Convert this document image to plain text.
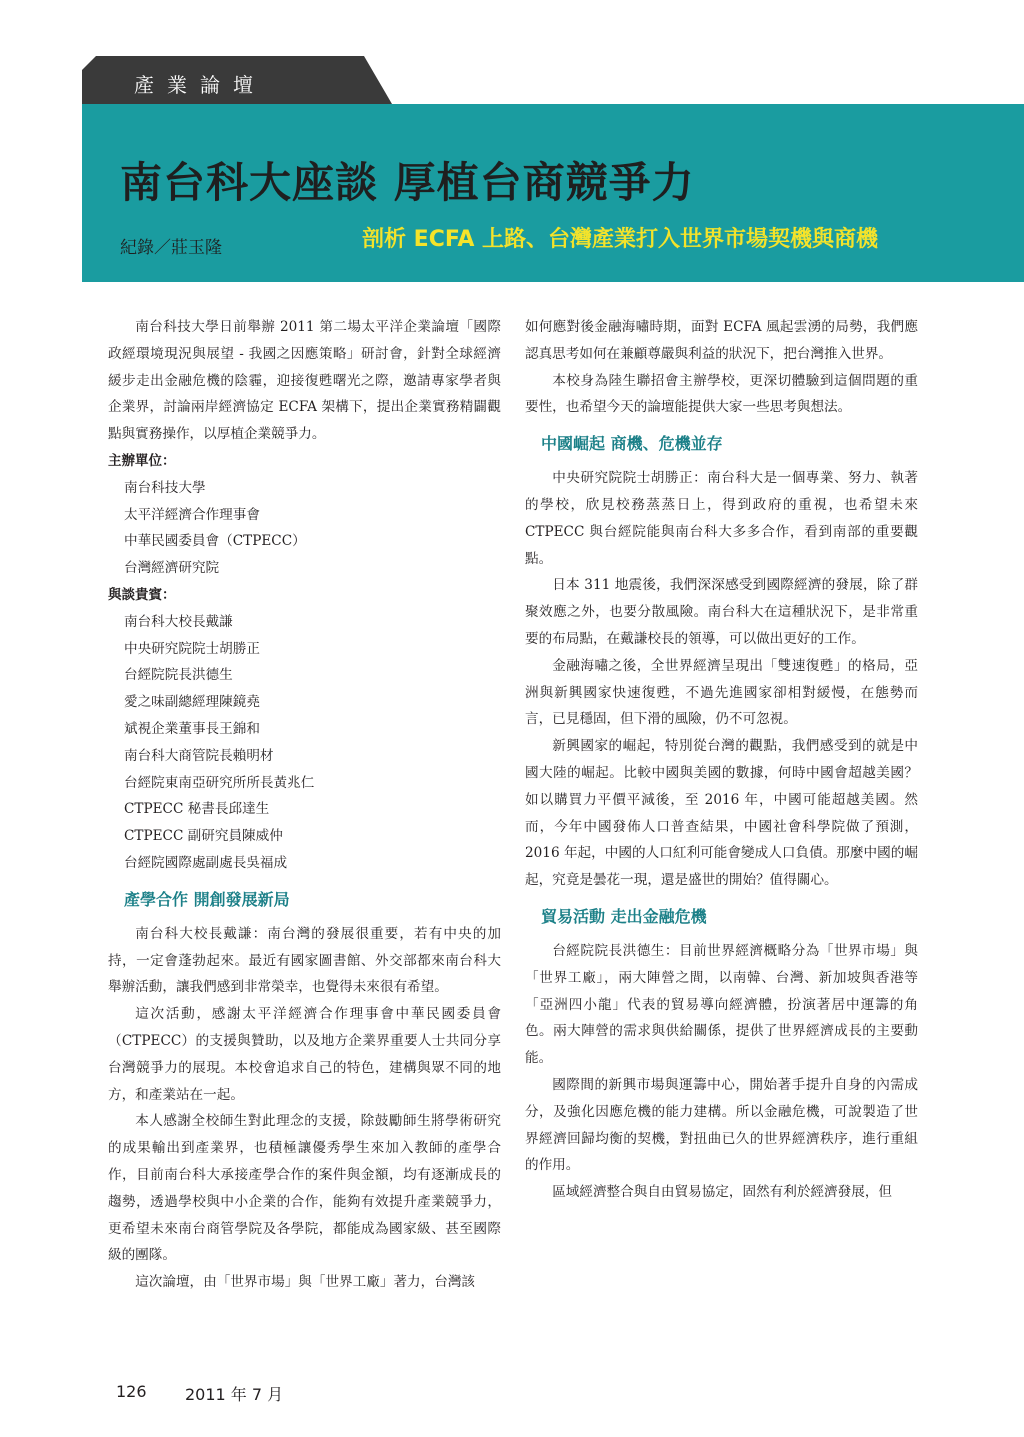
產業論壇
南台科大座談 厚植台商競爭力
紀錄／莊玉隆	剖析 ECFA 上路、台灣產業打入世界市場契機與商機

南台科技大學日前舉辦 2011 第二場太平洋企業論壇「國際政經環境現況與展望 - 我國之因應策略」研討會，針對全球經濟緩步走出金融危機的陰霾，迎接復甦曙光之際，邀請專家學者與企業界，討論兩岸經濟協定 ECFA 架構下，提出企業實務精闢觀點與實務操作，以厚植企業競爭力。

主辦單位：
南台科技大學
太平洋經濟合作理事會
中華民國委員會（CTPECC）
台灣經濟研究院
與談貴賓：
南台科大校長戴謙
中央研究院院士胡勝正
台經院院長洪德生
愛之味副總經理陳鏡堯
斌視企業董事長王錦和
南台科大商管院長賴明材
台經院東南亞研究所所長黃兆仁
CTPECC 秘書長邱達生
CTPECC 副研究員陳威仲
台經院國際處副處長吳福成
產學合作 開創發展新局

南台科大校長戴謙：南台灣的發展很重要，若有中央的加持，一定會蓬勃起來。最近有國家圖書館、外交部都來南台科大舉辦活動，讓我們感到非常榮幸，也覺得未來很有希望。

這次活動，感謝太平洋經濟合作理事會中華民國委員會（CTPECC）的支援與贊助，以及地方企業界重要人士共同分享台灣競爭力的展現。本校會追求自己的特色，建構與眾不同的地方，和產業站在一起。

本人感謝全校師生對此理念的支援，除鼓勵師生將學術研究的成果輸出到產業界，也積極讓優秀學生來加入教師的產學合作，目前南台科大承接產學合作的案件與金額，均有逐漸成長的趨勢，透過學校與中小企業的合作，能夠有效提升產業競爭力，更希望未來南台商管學院及各學院，都能成為國家級、甚至國際級的團隊。

這次論壇，由「世界市場」與「世界工廠」著力，台灣該

如何應對後金融海嘯時期，面對 ECFA 風起雲湧的局勢，我們應認真思考如何在兼顧尊嚴與利益的狀況下，把台灣推入世界。

本校身為陸生聯招會主辦學校，更深切體驗到這個問題的重要性，也希望今天的論壇能提供大家一些思考與想法。

中國崛起 商機、危機並存

中央研究院院士胡勝正：南台科大是一個專業、努力、執著的學校，欣見校務蒸蒸日上，得到政府的重視，也希望未來 CTPECC 與台經院能與南台科大多多合作，看到南部的重要觀點。

日本 311 地震後，我們深深感受到國際經濟的發展，除了群聚效應之外，也要分散風險。南台科大在這種狀況下，是非常重要的布局點，在戴謙校長的領導，可以做出更好的工作。

金融海嘯之後，全世界經濟呈現出「雙速復甦」的格局，亞洲與新興國家快速復甦，不過先進國家卻相對緩慢，在態勢而言，已見穩固，但下滑的風險，仍不可忽視。

新興國家的崛起，特別從台灣的觀點，我們感受到的就是中國大陸的崛起。比較中國與美國的數據，何時中國會超越美國？如以購買力平價平減後，至 2016 年，中國可能超越美國。然而，今年中國發佈人口普查結果，中國社會科學院做了預測，2016 年起，中國的人口紅利可能會變成人口負債。那麼中國的崛起，究竟是曇花一現，還是盛世的開始？值得關心。

貿易活動 走出金融危機

台經院院長洪德生：目前世界經濟概略分為「世界市場」與「世界工廠」，兩大陣營之間，以南韓、台灣、新加坡與香港等「亞洲四小龍」代表的貿易導向經濟體，扮演著居中運籌的角色。兩大陣營的需求與供給關係，提供了世界經濟成長的主要動能。

國際間的新興市場與運籌中心，開始著手提升自身的內需成分，及強化因應危機的能力建構。所以金融危機，可說製造了世界經濟回歸均衡的契機，對扭曲已久的世界經濟秩序，進行重組的作用。

區域經濟整合與自由貿易協定，固然有利於經濟發展，但

126 2011 年 7 月
